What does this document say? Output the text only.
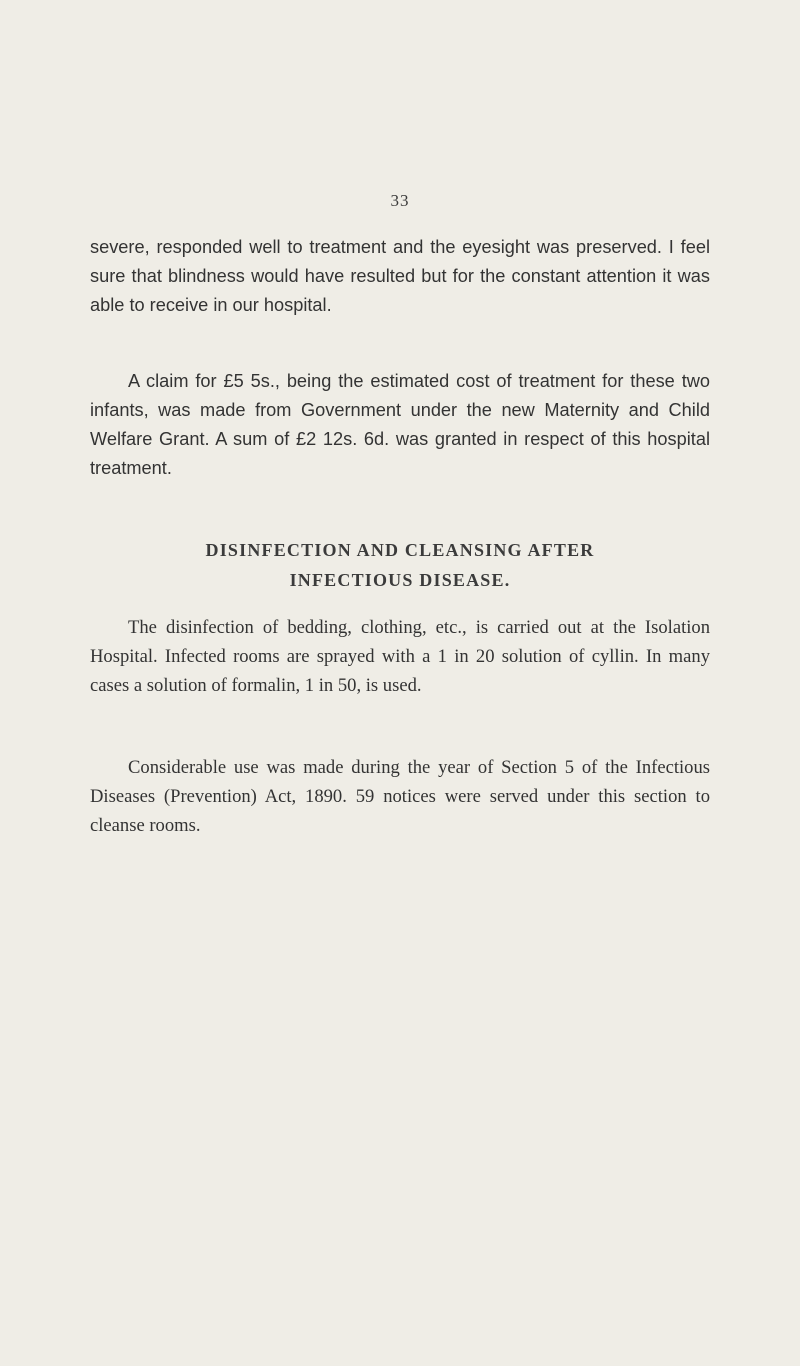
33

severe, responded well to treatment and the eyesight was preserved. I feel sure that blindness would have resulted but for the constant attention it was able to receive in our hospital.

A claim for £5 5s., being the estimated cost of treatment for these two infants, was made from Government under the new Maternity and Child Welfare Grant. A sum of £2 12s. 6d. was granted in respect of this hospital treatment.

DISINFECTION AND CLEANSING AFTER
INFECTIOUS DISEASE.

The disinfection of bedding, clothing, etc., is carried out at the Isolation Hospital. Infected rooms are sprayed with a 1 in 20 solution of cyllin. In many cases a solution of formalin, 1 in 50, is used.

Considerable use was made during the year of Section 5 of the Infectious Diseases (Prevention) Act, 1890. 59 notices were served under this section to cleanse rooms.
